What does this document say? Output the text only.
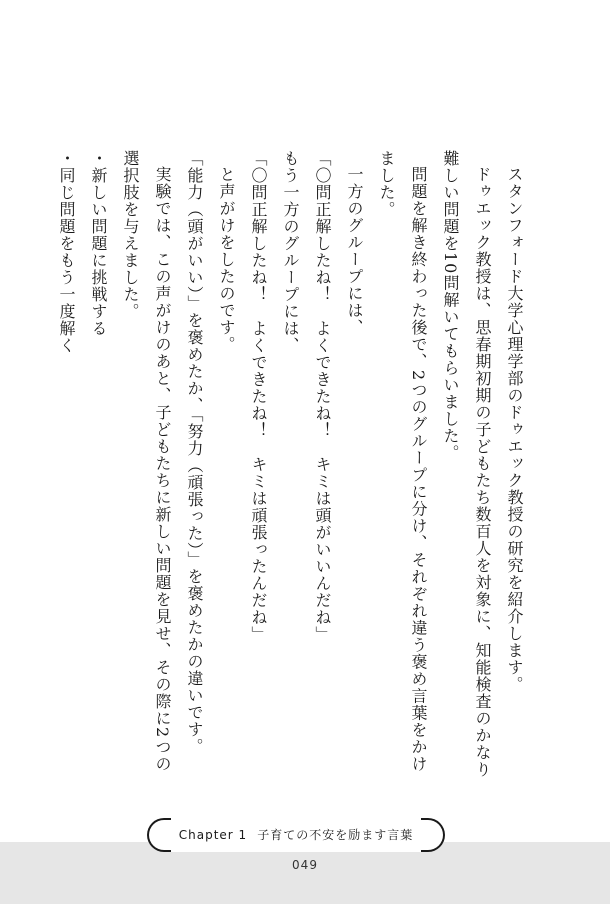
スタンフォード大学心理学部のドゥエック教授の研究を紹介します。

ドゥエック教授は、思春期初期の子どもたち数百人を対象に、知能検査のかなり

難しい問題を10問解いてもらいました。

問題を解き終わった後で、2つのグループに分け、それぞれ違う褒め言葉をかけ

ました。

一方のグループには、

「〇問正解したね！　よくできたね！　キミは頭がいいんだね」

もう一方のグループには、

「〇問正解したね！　よくできたね！　キミは頑張ったんだね」

と声がけをしたのです。

「能力（頭がいい）」を褒めたか、「努力（頑張った）」を褒めたかの違いです。

実験では、この声がけのあと、子どもたちに新しい問題を見せ、その際に2つの

選択肢を与えました。

・新しい問題に挑戦する

・同じ問題をもう一度解く

Chapter 1 子育ての不安を励ます言葉
049
